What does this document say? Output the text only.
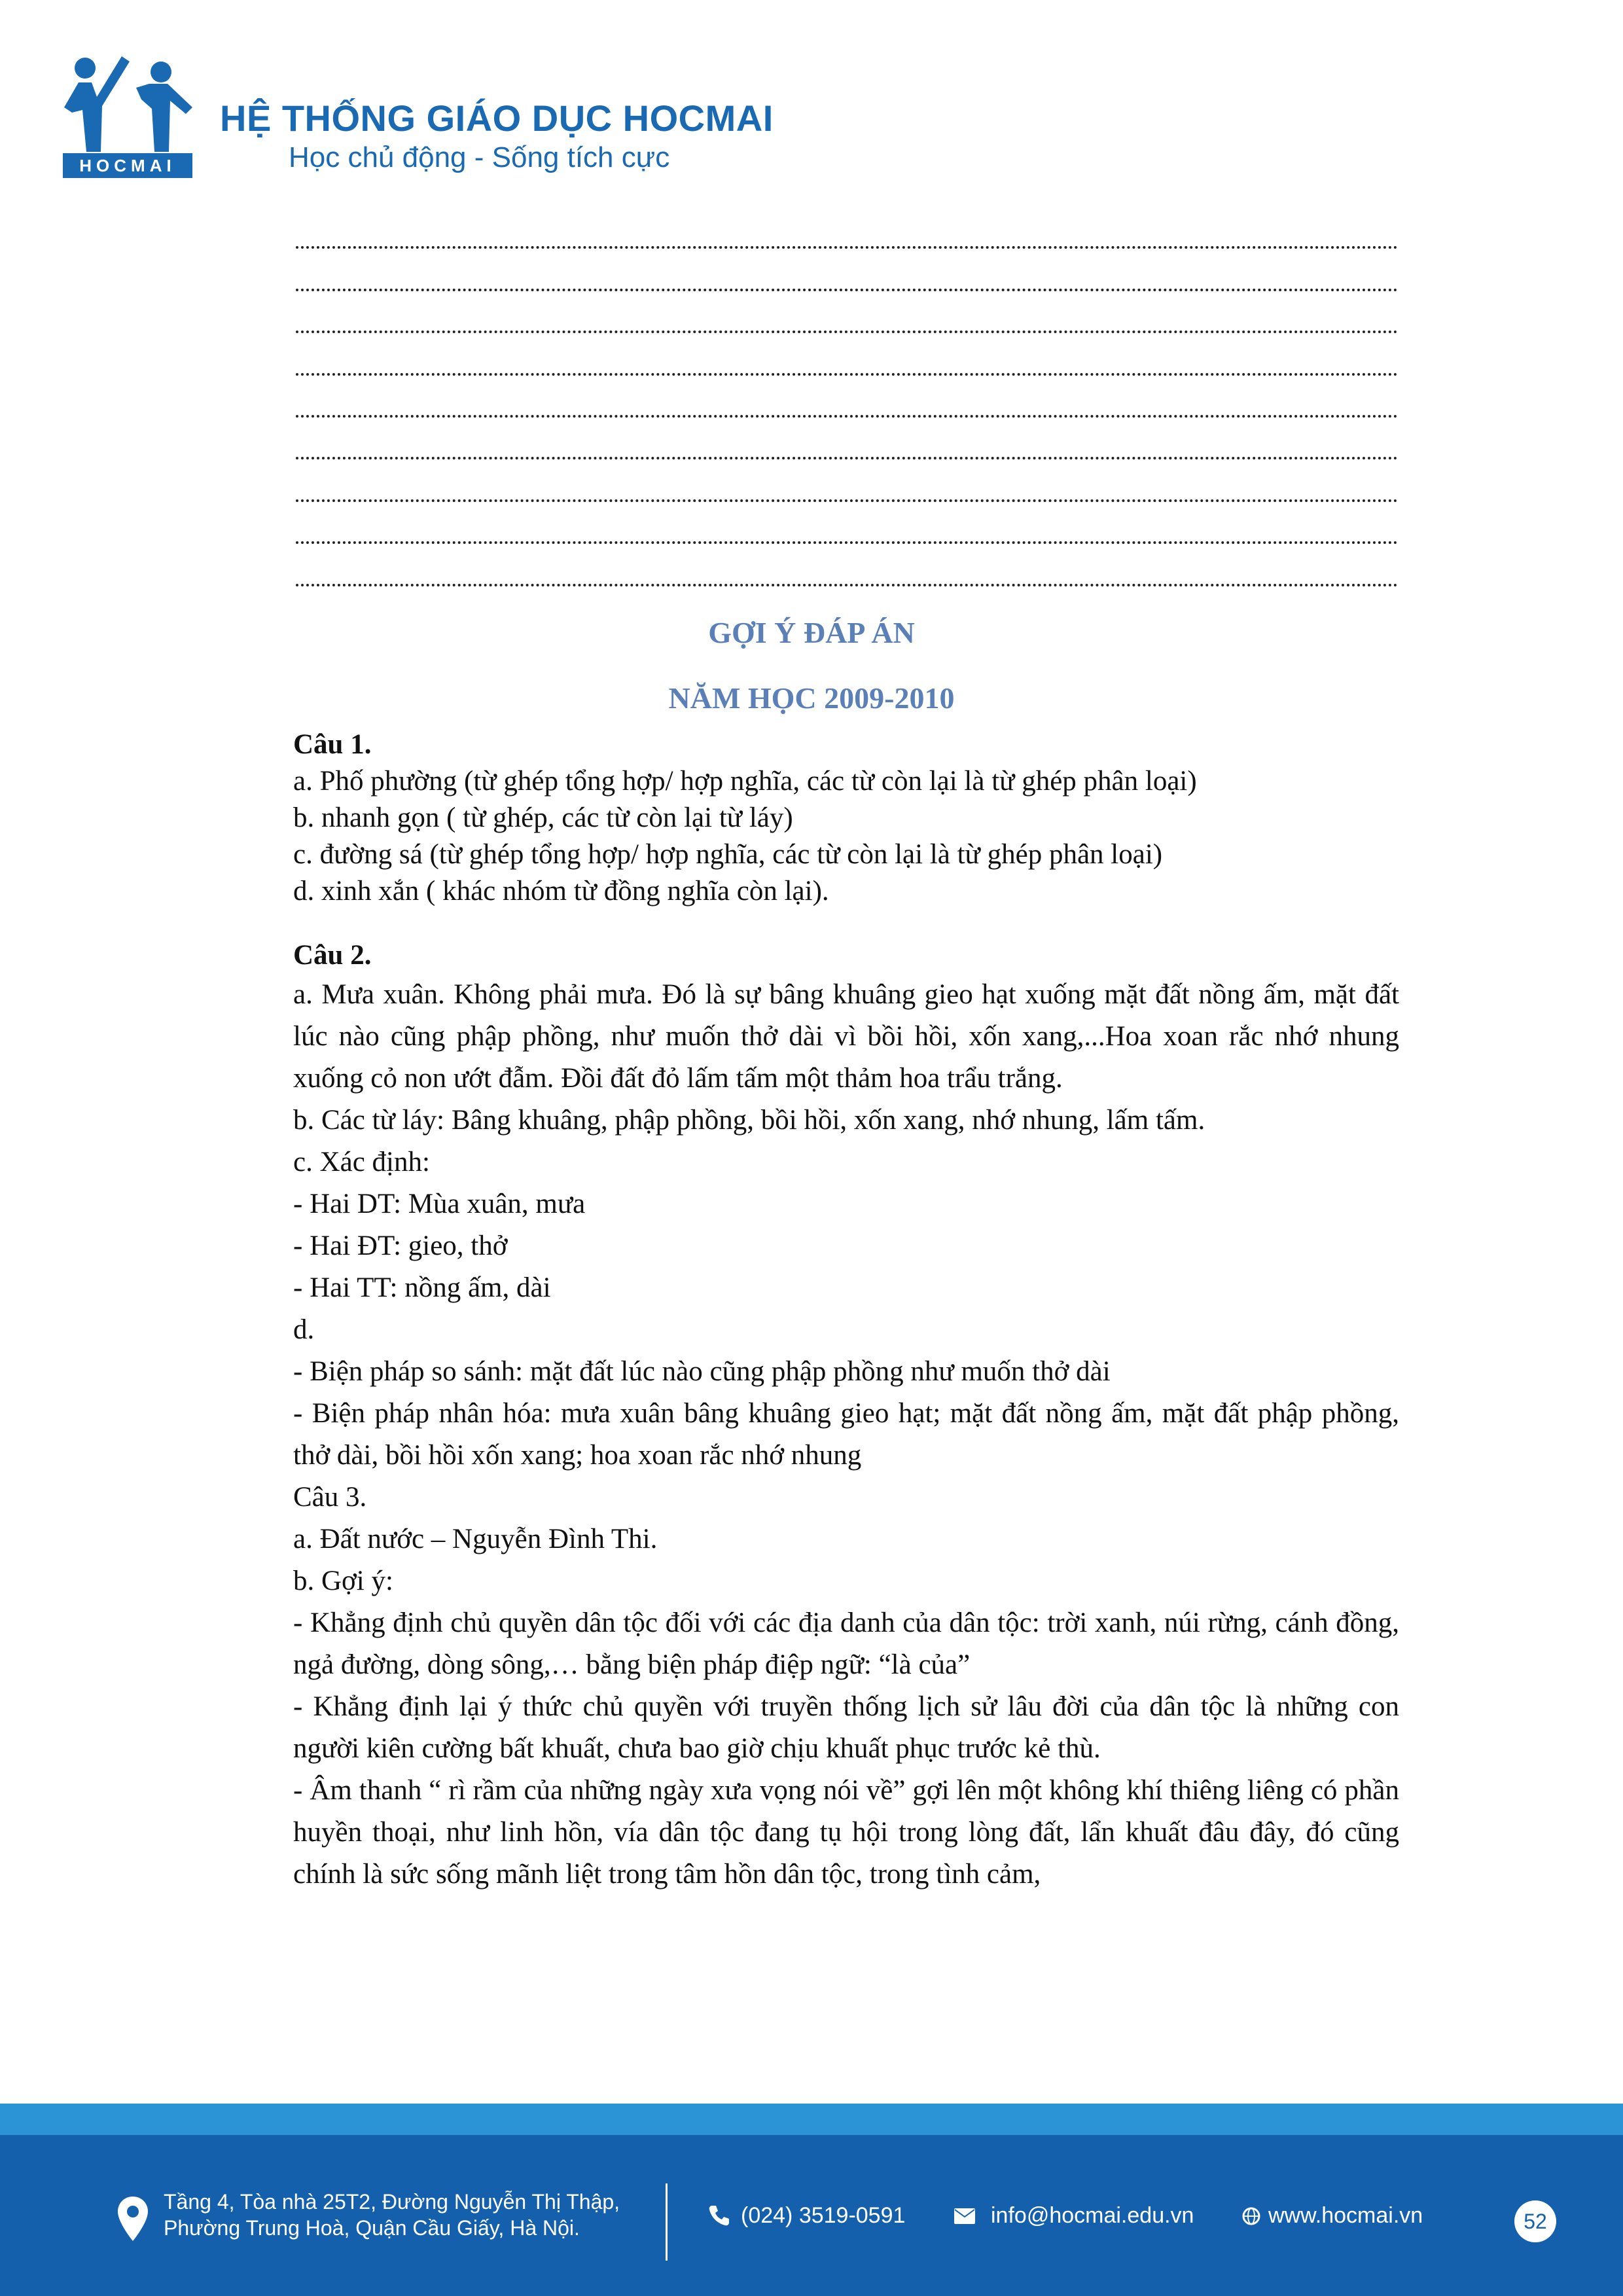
HOCMAI
HỆ THỐNG GIÁO DỤC HOCMAI
Học chủ động - Sống tích cực
GỢI Ý ĐÁP ÁN
NĂM HỌC 2009-2010

Câu 1.

a. Phố phường (từ ghép tổng hợp/ hợp nghĩa, các từ còn lại là từ ghép phân loại)

b. nhanh gọn ( từ ghép, các từ còn lại từ láy)

c. đường sá (từ ghép tổng hợp/ hợp nghĩa, các từ còn lại là từ ghép phân loại)

d. xinh xắn ( khác nhóm từ đồng nghĩa còn lại).

Câu 2.

a. Mưa xuân. Không phải mưa. Đó là sự bâng khuâng gieo hạt xuống mặt đất nồng ấm, mặt đất lúc nào cũng phập phồng, như muốn thở dài vì bồi hồi, xốn xang,...Hoa xoan rắc nhớ nhung xuống cỏ non ướt đẫm. Đồi đất đỏ lấm tấm một thảm hoa trẩu trắng.

b. Các từ láy: Bâng khuâng, phập phồng, bồi hồi, xốn xang, nhớ nhung, lấm tấm.

c. Xác định:

- Hai DT: Mùa xuân, mưa

- Hai ĐT: gieo, thở

- Hai TT: nồng ấm, dài

d.

- Biện pháp so sánh: mặt đất lúc nào cũng phập phồng như muốn thở dài

- Biện pháp nhân hóa: mưa xuân bâng khuâng gieo hạt; mặt đất nồng ấm, mặt đất phập phồng, thở dài, bồi hồi xốn xang; hoa xoan rắc nhớ nhung

Câu 3.

a. Đất nước – Nguyễn Đình Thi.

b. Gợi ý:

- Khẳng định chủ quyền dân tộc đối với các địa danh của dân tộc: trời xanh, núi rừng, cánh đồng, ngả đường, dòng sông,… bằng biện pháp điệp ngữ: “là của”

- Khẳng định lại ý thức chủ quyền với truyền thống lịch sử lâu đời của dân tộc là những con người kiên cường bất khuất, chưa bao giờ chịu khuất phục trước kẻ thù.

- Âm thanh “ rì rầm của những ngày xưa vọng nói về” gợi lên một không khí thiêng liêng có phần huyền thoại, như linh hồn, vía dân tộc đang tụ hội trong lòng đất, lẩn khuất đâu đây, đó cũng chính là sức sống mãnh liệt trong tâm hồn dân tộc, trong tình cảm,

Tầng 4, Tòa nhà 25T2, Đường Nguyễn Thị Thập,
Phường Trung Hoà, Quận Cầu Giấy, Hà Nội.	(024) 3519-0591	info@hocmai.edu.vn	www.hocmai.vn	52
